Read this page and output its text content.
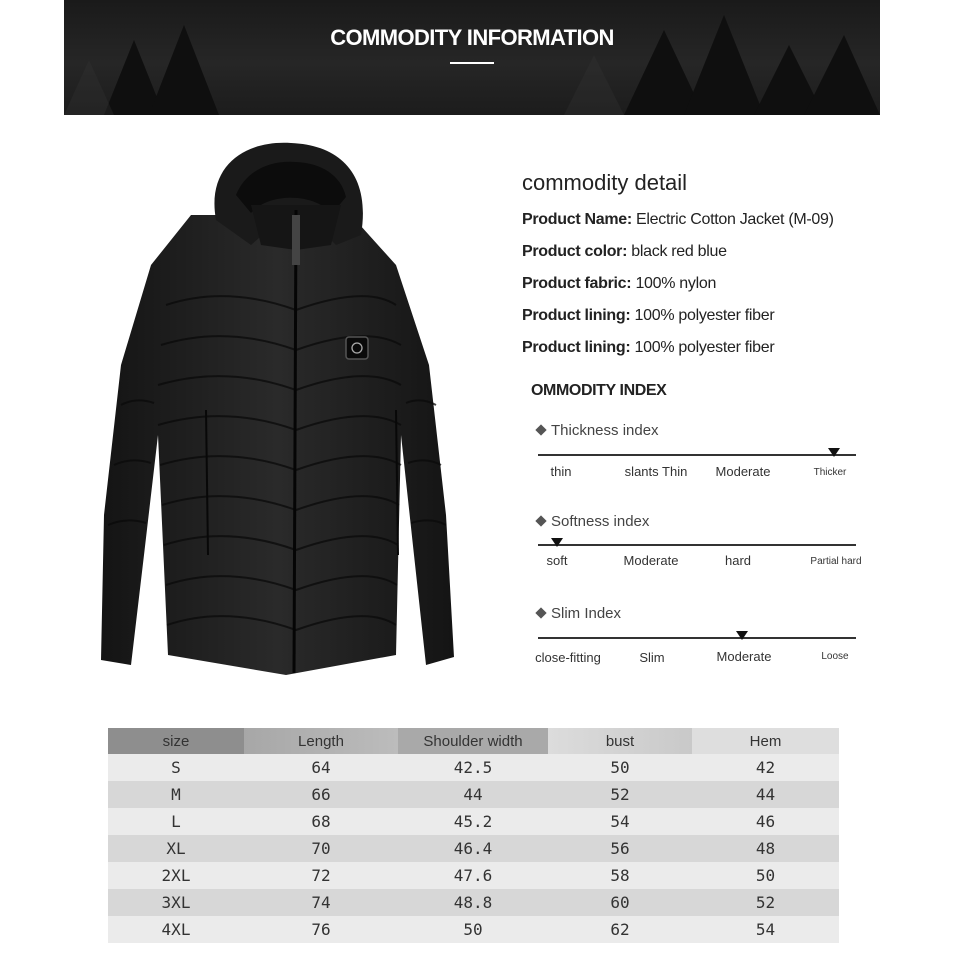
COMMODITY INFORMATION
commodity detail
Product Name: Electric Cotton Jacket (M-09)
Product color: black red blue
Product fabric: 100% nylon
Product lining: 100% polyester fiber
Product lining: 100% polyester fiber
OMMODITY INDEX
Thickness index
thin	slants Thin Moderate	Thicker
Softness index
soft	Moderate	hard	Partial hard
Slim Index
close-fitting	Slim	Moderate	Loose
size	Length	Shoulder width	bust	Hem
S	64	42.5	50	42
M	66	44	52	44
L	68	45.2	54	46
XL	70	46.4	56	48
2XL	72	47.6	58	50
3XL	74	48.8	60	52
4XL	76	50	62	54
